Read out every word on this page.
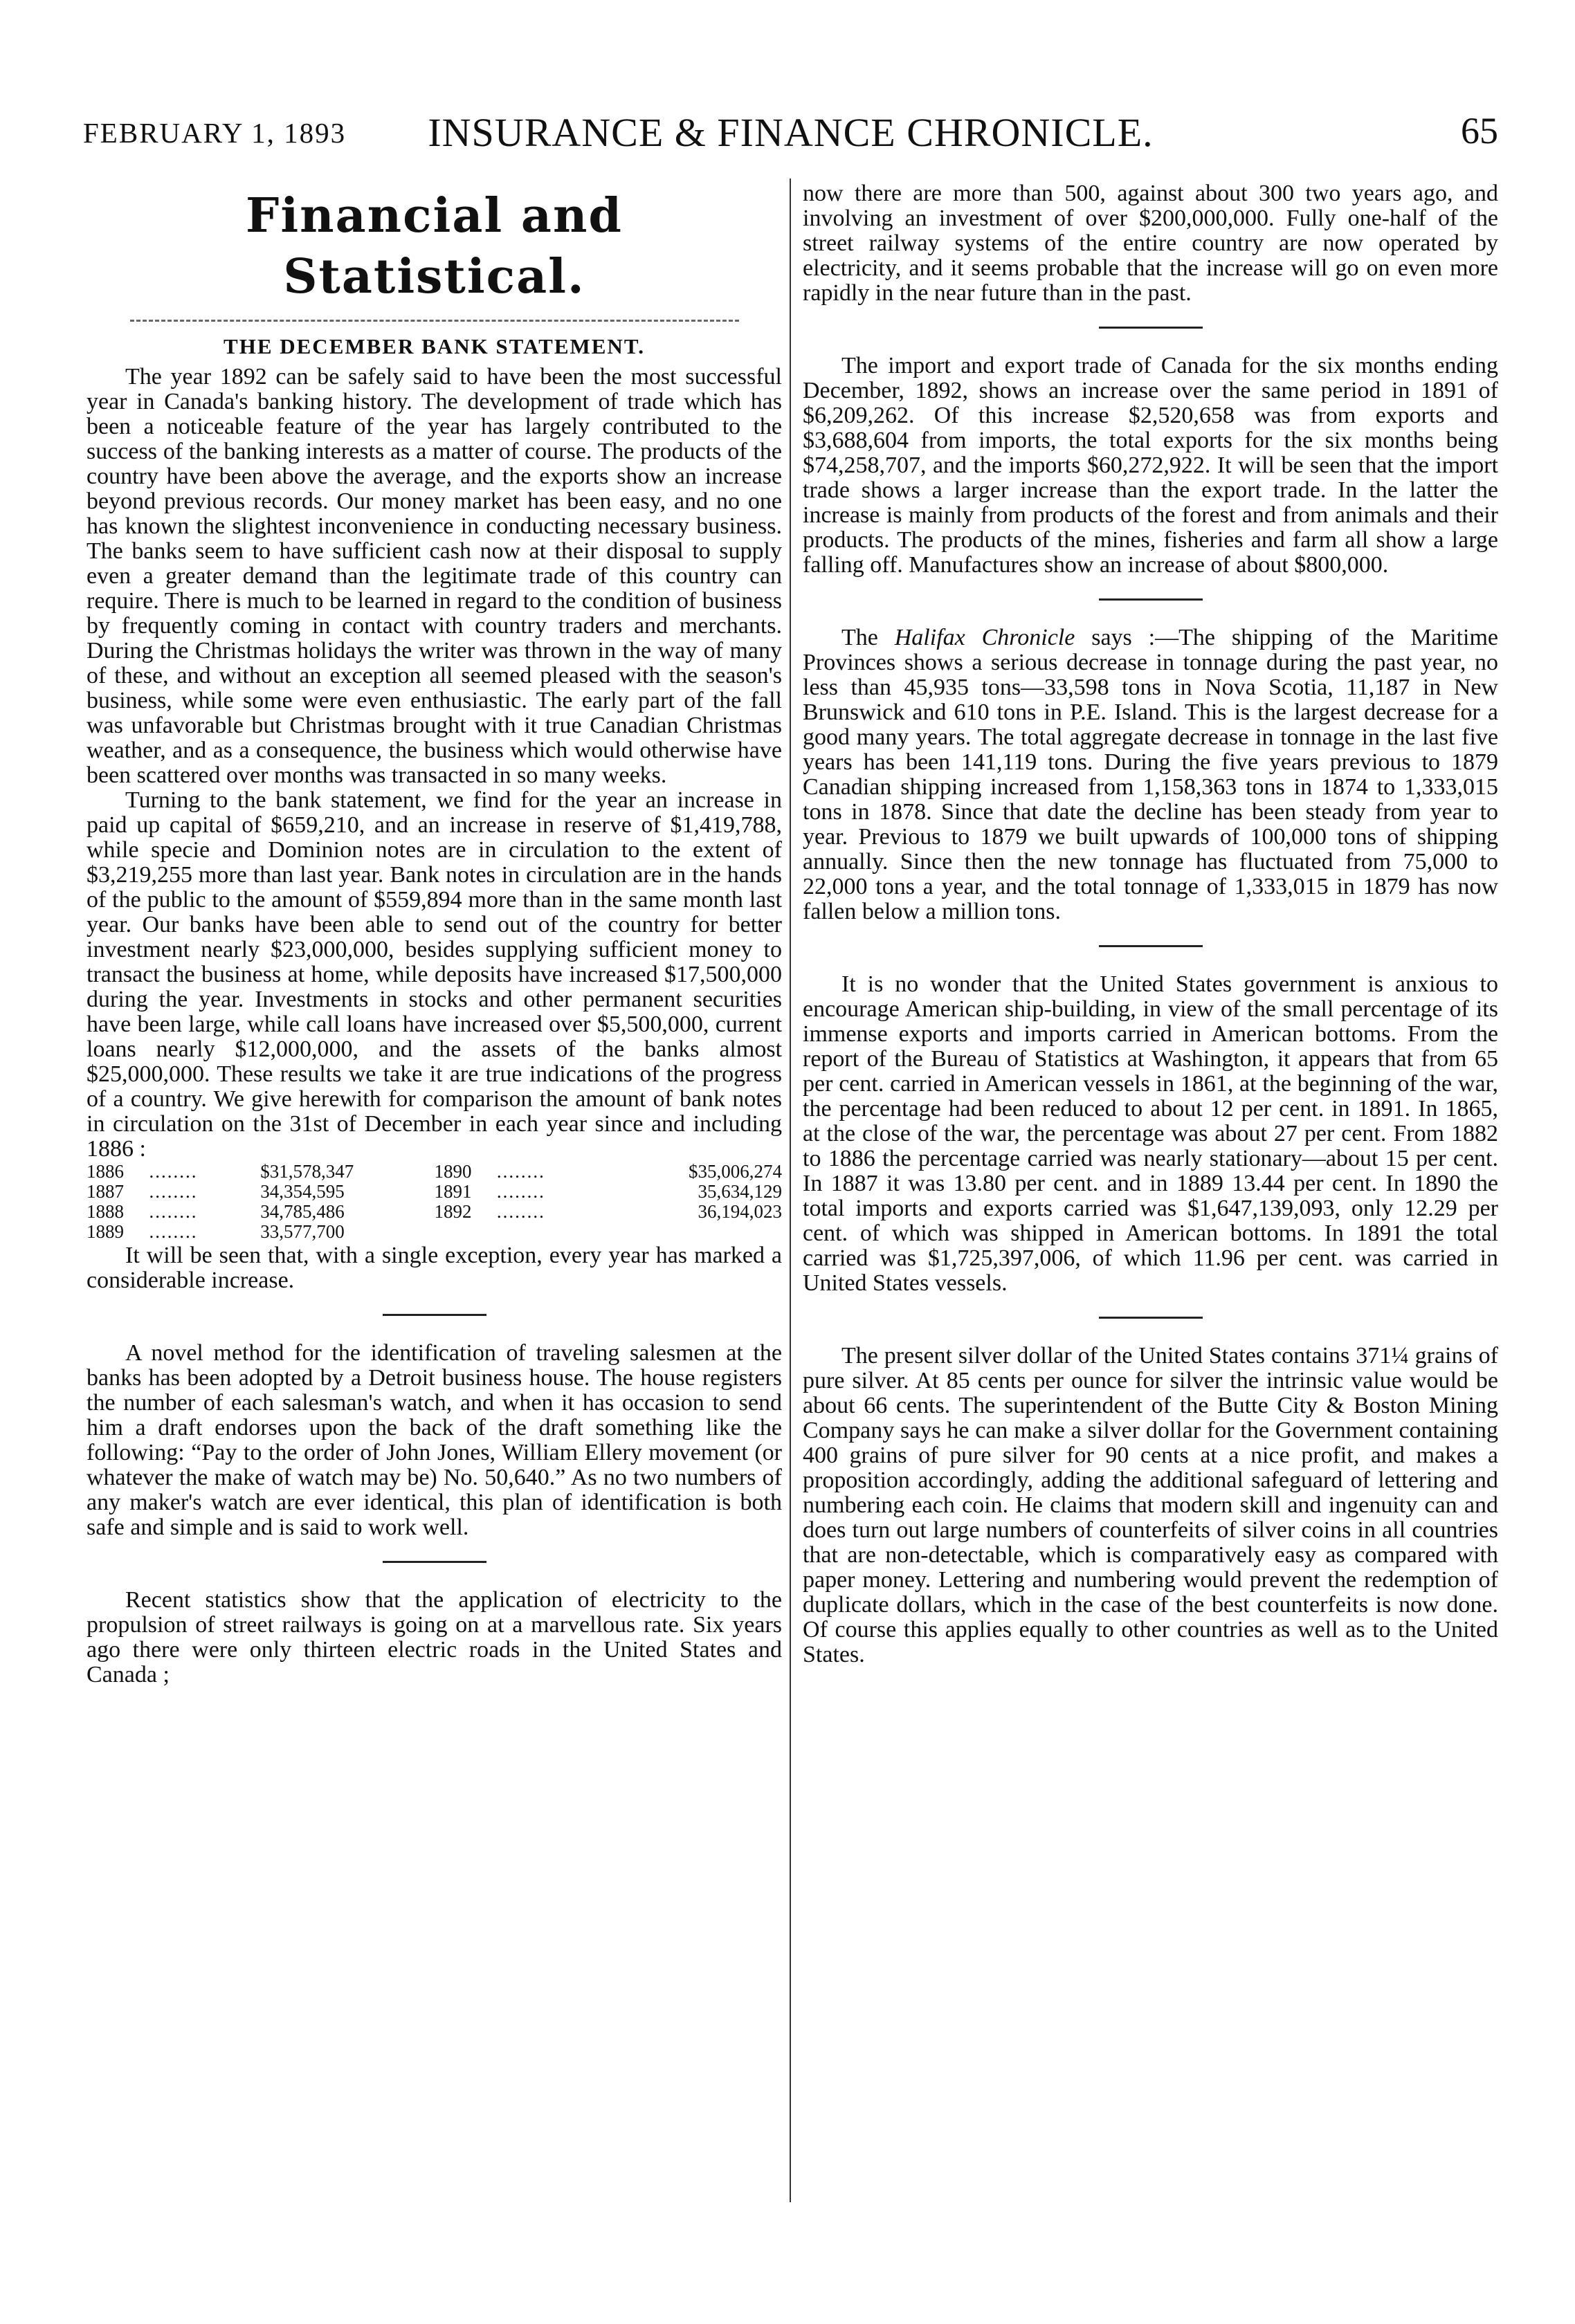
FEBRUARY 1, 1893	INSURANCE & FINANCE CHRONICLE.	65
Financial and Statistical.
THE DECEMBER BANK STATEMENT.

The year 1892 can be safely said to have been the most successful year in Canada's banking history. The development of trade which has been a noticeable feature of the year has largely contributed to the success of the banking interests as a matter of course. The products of the country have been above the average, and the exports show an increase beyond previous records. Our money market has been easy, and no one has known the slightest inconvenience in conducting necessary business. The banks seem to have sufficient cash now at their disposal to supply even a greater demand than the legitimate trade of this country can require. There is much to be learned in regard to the condition of business by frequently coming in contact with country traders and merchants. During the Christmas holidays the writer was thrown in the way of many of these, and without an exception all seemed pleased with the season's business, while some were even enthusiastic. The early part of the fall was unfavorable but Christmas brought with it true Canadian Christmas weather, and as a consequence, the business which would otherwise have been scattered over months was transacted in so many weeks.

Turning to the bank statement, we find for the year an increase in paid up capital of $659,210, and an increase in reserve of $1,419,788, while specie and Dominion notes are in circulation to the extent of $3,219,255 more than last year. Bank notes in circulation are in the hands of the public to the amount of $559,894 more than in the same month last year. Our banks have been able to send out of the country for better investment nearly $23,000,000, besides supplying sufficient money to transact the business at home, while deposits have increased $17,500,000 during the year. Investments in stocks and other permanent securities have been large, while call loans have increased over $5,500,000, current loans nearly $12,000,000, and the assets of the banks almost $25,000,000. These results we take it are true indications of the progress of a country. We give herewith for comparison the amount of bank notes in circulation on the 31st of December in each year since and including 1886 :

1886	........	$31,578,347	1890	........	$35,006,274
1887	........	34,354,595	1891	........	35,634,129
1888	........	34,785,486	1892	........	36,194,023
1889	........	33,577,700			

It will be seen that, with a single exception, every year has marked a considerable increase.

A novel method for the identification of traveling salesmen at the banks has been adopted by a Detroit business house. The house registers the number of each salesman's watch, and when it has occasion to send him a draft endorses upon the back of the draft something like the following: “Pay to the order of John Jones, William Ellery movement (or whatever the make of watch may be) No. 50,640.” As no two numbers of any maker's watch are ever identical, this plan of identification is both safe and simple and is said to work well.

Recent statistics show that the application of electricity to the propulsion of street railways is going on at a marvellous rate. Six years ago there were only thirteen electric roads in the United States and Canada ;

now there are more than 500, against about 300 two years ago, and involving an investment of over $200,000,000. Fully one-half of the street railway systems of the entire country are now operated by electricity, and it seems probable that the increase will go on even more rapidly in the near future than in the past.

The import and export trade of Canada for the six months ending December, 1892, shows an increase over the same period in 1891 of $6,209,262. Of this increase $2,520,658 was from exports and $3,688,604 from imports, the total exports for the six months being $74,258,707, and the imports $60,272,922. It will be seen that the import trade shows a larger increase than the export trade. In the latter the increase is mainly from products of the forest and from animals and their products. The products of the mines, fisheries and farm all show a large falling off. Manufactures show an increase of about $800,000.

The Halifax Chronicle says :—The shipping of the Maritime Provinces shows a serious decrease in tonnage during the past year, no less than 45,935 tons—33,598 tons in Nova Scotia, 11,187 in New Brunswick and 610 tons in P.E. Island. This is the largest decrease for a good many years. The total aggregate decrease in tonnage in the last five years has been 141,119 tons. During the five years previous to 1879 Canadian shipping increased from 1,158,363 tons in 1874 to 1,333,015 tons in 1878. Since that date the decline has been steady from year to year. Previous to 1879 we built upwards of 100,000 tons of shipping annually. Since then the new tonnage has fluctuated from 75,000 to 22,000 tons a year, and the total tonnage of 1,333,015 in 1879 has now fallen below a million tons.

It is no wonder that the United States government is anxious to encourage American ship-building, in view of the small percentage of its immense exports and imports carried in American bottoms. From the report of the Bureau of Statistics at Washington, it appears that from 65 per cent. carried in American vessels in 1861, at the beginning of the war, the percentage had been reduced to about 12 per cent. in 1891. In 1865, at the close of the war, the percentage was about 27 per cent. From 1882 to 1886 the percentage carried was nearly stationary—about 15 per cent. In 1887 it was 13.80 per cent. and in 1889 13.44 per cent. In 1890 the total imports and exports carried was $1,647,139,093, only 12.29 per cent. of which was shipped in American bottoms. In 1891 the total carried was $1,725,397,006, of which 11.96 per cent. was carried in United States vessels.

The present silver dollar of the United States contains 371¼ grains of pure silver. At 85 cents per ounce for silver the intrinsic value would be about 66 cents. The superintendent of the Butte City & Boston Mining Company says he can make a silver dollar for the Government containing 400 grains of pure silver for 90 cents at a nice profit, and makes a proposition accordingly, adding the additional safeguard of lettering and numbering each coin. He claims that modern skill and ingenuity can and does turn out large numbers of counterfeits of silver coins in all countries that are non-detectable, which is comparatively easy as compared with paper money. Lettering and numbering would prevent the redemption of duplicate dollars, which in the case of the best counterfeits is now done. Of course this applies equally to other countries as well as to the United States.
